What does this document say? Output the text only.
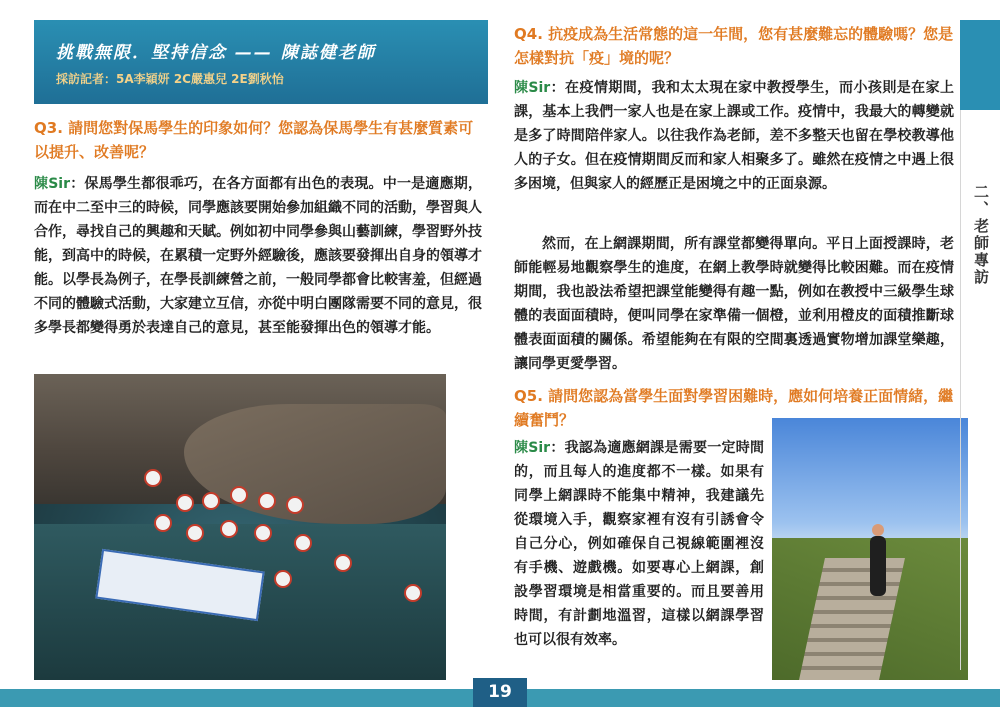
挑戰無限．堅持信念 —— 陳誌健老師
採訪記者：5A李穎妍 2C嚴惠兒 2E劉秋怡
Q3. 請問您對保馬學生的印象如何？您認為保馬學生有甚麼質素可以提升、改善呢？
陳Sir：保馬學生都很乖巧，在各方面都有出色的表現。中一是適應期，而在中二至中三的時候，同學應該要開始參加組織不同的活動，學習與人合作，尋找自己的興趣和天賦。例如初中同學參與山藝訓練，學習野外技能，到高中的時候，在累積一定野外經驗後，應該要發揮出自身的領導才能。以學長為例子，在學長訓練營之前，一般同學都會比較害羞，但經過不同的體驗式活動，大家建立互信，亦從中明白團隊需要不同的意見，很多學長都變得勇於表達自己的意見，甚至能發揮出色的領導才能。
Q4. 抗疫成為生活常態的這一年間，您有甚麼難忘的體驗嗎？您是怎樣對抗「疫」境的呢？
陳Sir：在疫情期間，我和太太現在家中教授學生，而小孩則是在家上課，基本上我們一家人也是在家上課或工作。疫情中，我最大的轉變就是多了時間陪伴家人。以往我作為老師，差不多整天也留在學校教導他人的子女。但在疫情期間反而和家人相聚多了。雖然在疫情之中遇上很多困境，但與家人的經歷正是困境之中的正面泉源。
然而，在上網課期間，所有課堂都變得單向。平日上面授課時，老師能輕易地觀察學生的進度，在網上教學時就變得比較困難。而在疫情期間，我也設法希望把課堂能變得有趣一點，例如在教授中三級學生球體的表面面積時，便叫同學在家準備一個橙，並利用橙皮的面積推斷球體表面面積的關係。希望能夠在有限的空間裏透過實物增加課堂樂趣，讓同學更愛學習。
Q5. 請問您認為當學生面對學習困難時，應如何培養正面情緒，繼續奮鬥？
陳Sir：我認為適應網課是需要一定時間的，而且每人的進度都不一樣。如果有同學上網課時不能集中精神，我建議先從環境入手，觀察家裡有沒有引誘會令自己分心，例如確保自己視線範圍裡沒有手機、遊戲機。如要專心上網課，創設學習環境是相當重要的。而且要善用時間，有計劃地溫習，這樣以網課學習也可以很有效率。
二、老師專訪
19
